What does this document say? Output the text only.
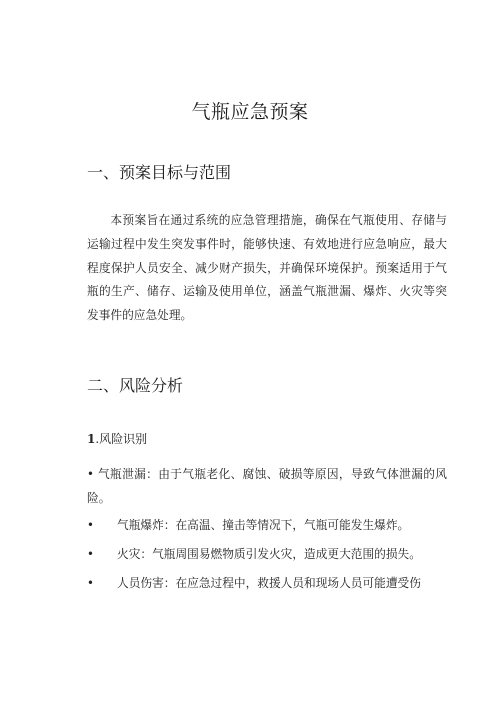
气瓶应急预案
一、预案目标与范围
本预案旨在通过系统的应急管理措施，确保在气瓶使用、存储与运输过程中发生突发事件时，能够快速、有效地进行应急响应，最大程度保护人员安全、减少财产损失，并确保环境保护。预案适用于气瓶的生产、储存、运输及使用单位，涵盖气瓶泄漏、爆炸、火灾等突发事件的应急处理。
二、风险分析
1.风险识别
• 气瓶泄漏：由于气瓶老化、腐蚀、破损等原因，导致气体泄漏的风险。
• 气瓶爆炸：在高温、撞击等情况下，气瓶可能发生爆炸。
• 火灾：气瓶周围易燃物质引发火灾，造成更大范围的损失。
• 人员伤害：在应急过程中，救援人员和现场人员可能遭受伤
